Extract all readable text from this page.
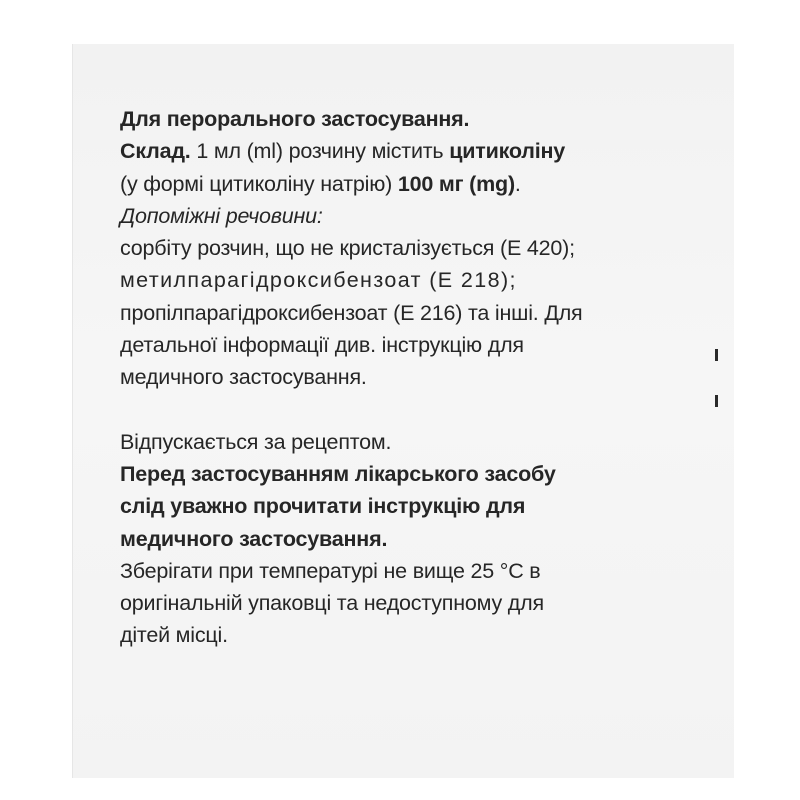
Для перорального застосування.

Склад. 1 мл (ml) розчину містить цитиколіну

(у формі цитиколіну натрію) 100 мг (mg).

Допоміжні речовини:

сорбіту розчин, що не кристалізується (Е 420);

метилпарагідроксибензоат (Е 218);

пропілпарагідроксибензоат (Е 216) та інші. Для

детальної інформації див. інструкцію для

медичного застосування.

Відпускається за рецептом.

Перед застосуванням лікарського засобу

слід уважно прочитати інструкцію для

медичного застосування.

Зберігати при температурі не вище 25 °С в

оригінальній упаковці та недоступному для

дітей місці.
